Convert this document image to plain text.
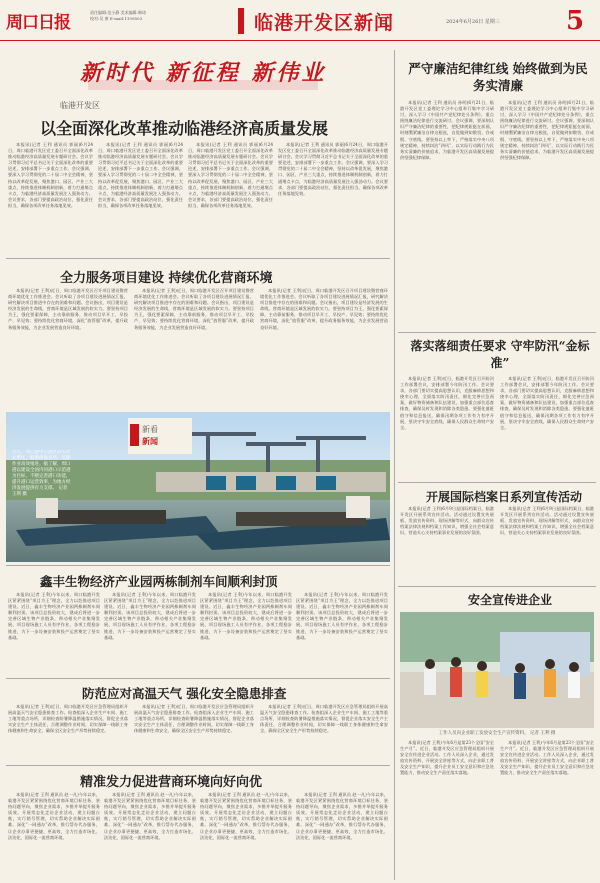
周口日报
责任编辑:范小静 美术编辑:韩琦
校对:吴 康 E-mail:1199503	临港开发区新闻	2024年6月26日 星期三	5
新时代 新征程 新伟业
临港开发区
以全面深化改革推动临港经济高质量发展

本报讯(记者 王利 通讯员 郭丽)6月24日，周口临港开发区党工委召开全面深化改革推动临港经济高质量发展专题研讨会。会议学习贯彻习近平总书记关于全面深化改革的重要论述，安排部署下一步重点工作。会议强调，要深入学习贯彻党的二十届二中全会精神，坚持以改革促发展，聚焦港口、园区、产业三大重点，持续推进体制机制创新，着力打通堵点卡点，为临港经济高质量发展注入强劲动力。会议要求，各部门要提高政治站位，强化责任担当，确保各项改革任务落地见效。

本报讯(记者 王利 通讯员 郭丽)6月24日，周口临港开发区党工委召开全面深化改革推动临港经济高质量发展专题研讨会。会议学习贯彻习近平总书记关于全面深化改革的重要论述，安排部署下一步重点工作。会议强调，要深入学习贯彻党的二十届二中全会精神，坚持以改革促发展，聚焦港口、园区、产业三大重点，持续推进体制机制创新，着力打通堵点卡点，为临港经济高质量发展注入强劲动力。会议要求，各部门要提高政治站位，强化责任担当，确保各项改革任务落地见效。

本报讯(记者 王利 通讯员 郭丽)6月24日，周口临港开发区党工委召开全面深化改革推动临港经济高质量发展专题研讨会。会议学习贯彻习近平总书记关于全面深化改革的重要论述，安排部署下一步重点工作。会议强调，要深入学习贯彻党的二十届二中全会精神，坚持以改革促发展，聚焦港口、园区、产业三大重点，持续推进体制机制创新，着力打通堵点卡点，为临港经济高质量发展注入强劲动力。会议要求，各部门要提高政治站位，强化责任担当，确保各项改革任务落地见效。

本报讯(记者 王利 通讯员 郭丽)6月24日，周口临港开发区党工委召开全面深化改革推动临港经济高质量发展专题研讨会。会议学习贯彻习近平总书记关于全面深化改革的重要论述，安排部署下一步重点工作。会议强调，要深入学习贯彻党的二十届二中全会精神，坚持以改革促发展，聚焦港口、园区、产业三大重点，持续推进体制机制创新，着力打通堵点卡点，为临港经济高质量发展注入强劲动力。会议要求，各部门要提高政治站位，强化责任担当，确保各项改革任务落地见效。

全力服务项目建设 持续优化营商环境

本报讯(记者 王利)近日，周口临港开发区召开项目建设暨营商环境优化工作推进会。会议听取了各项目建设进展情况汇报，研究解决项目推进中存在的困难和问题。会议指出，项目建设是经济发展的生命线，营商环境是区域发展的软实力。要坚持项目为王，强化要素保障，主动靠前服务，推动项目早开工、早投产、早见效；要持续优化营商环境，深化“放管服”改革，提升政务服务效能，为企业发展营造良好环境。

本报讯(记者 王利)近日，周口临港开发区召开项目建设暨营商环境优化工作推进会。会议听取了各项目建设进展情况汇报，研究解决项目推进中存在的困难和问题。会议指出，项目建设是经济发展的生命线，营商环境是区域发展的软实力。要坚持项目为王，强化要素保障，主动靠前服务，推动项目早开工、早投产、早见效；要持续优化营商环境，深化“放管服”改革，提升政务服务效能，为企业发展营造良好环境。

本报讯(记者 王利)近日，周口临港开发区召开项目建设暨营商环境优化工作推进会。会议听取了各项目建设进展情况汇报，研究解决项目推进中存在的困难和问题。会议指出，项目建设是经济发展的生命线，营商环境是区域发展的软实力。要坚持项目为王，强化要素保障，主动靠前服务，推动项目早开工、早投产、早见效；要持续优化营商环境，深化“放管服”改革，提升政务服务效能，为企业发展营造良好环境。

新看
新闻
近日，周口港中心港区码头作业繁忙，船舶停靠有序，装卸作业高效推进。据了解，周口港以建设全国内河港口示范港为目标，不断完善港口功能，提升港口运营效率，为地方经济发展提供有力支撑。 记者 王利 摄
鑫丰生物经济产业园两栋制剂车间顺利封顶

本报讯(记者 王利)今年以来，周口临港开发区紧紧围绕“项目为王”理念，全力以赴推进项目建设。近日，鑫丰生物经济产业园两栋制剂车间顺利封顶。该项目总投资较大，建成后将进一步完善区域生物产业链条，带动相关产业集聚发展。项目现场施工人员有序作业，各项工程稳步推进，为下一步设备安装和投产运营奠定了坚实基础。

本报讯(记者 王利)今年以来，周口临港开发区紧紧围绕“项目为王”理念，全力以赴推进项目建设。近日，鑫丰生物经济产业园两栋制剂车间顺利封顶。该项目总投资较大，建成后将进一步完善区域生物产业链条，带动相关产业集聚发展。项目现场施工人员有序作业，各项工程稳步推进，为下一步设备安装和投产运营奠定了坚实基础。

本报讯(记者 王利)今年以来，周口临港开发区紧紧围绕“项目为王”理念，全力以赴推进项目建设。近日，鑫丰生物经济产业园两栋制剂车间顺利封顶。该项目总投资较大，建成后将进一步完善区域生物产业链条，带动相关产业集聚发展。项目现场施工人员有序作业，各项工程稳步推进，为下一步设备安装和投产运营奠定了坚实基础。

本报讯(记者 王利)今年以来，周口临港开发区紧紧围绕“项目为王”理念，全力以赴推进项目建设。近日，鑫丰生物经济产业园两栋制剂车间顺利封顶。该项目总投资较大，建成后将进一步完善区域生物产业链条，带动相关产业集聚发展。项目现场施工人员有序作业，各项工程稳步推进，为下一步设备安装和投产运营奠定了坚实基础。

防范应对高温天气 强化安全隐患排查

本报讯(记者 王利)近日，周口临港开发区应急管理局组织开展高温天气安全隐患排查工作。检查组深入企业生产车间、施工工地等重点场所，详细检查防暑降温措施落实情况，督促企业落实安全生产主体责任，合理调整作业时间，切实保障一线职工身体健康和生命安全，确保全区安全生产形势持续稳定。

本报讯(记者 王利)近日，周口临港开发区应急管理局组织开展高温天气安全隐患排查工作。检查组深入企业生产车间、施工工地等重点场所，详细检查防暑降温措施落实情况，督促企业落实安全生产主体责任，合理调整作业时间，切实保障一线职工身体健康和生命安全，确保全区安全生产形势持续稳定。

本报讯(记者 王利)近日，周口临港开发区应急管理局组织开展高温天气安全隐患排查工作。检查组深入企业生产车间、施工工地等重点场所，详细检查防暑降温措施落实情况，督促企业落实安全生产主体责任，合理调整作业时间，切实保障一线职工身体健康和生命安全，确保全区安全生产形势持续稳定。

精准发力促进营商环境向好向优

本报讯(记者 王利 通讯员 赵一凡)今年以来，临港开发区紧紧围绕优化营商环境目标任务，坚持问题导向，聚焦企业需求，多措并举提升服务质效。开展常态化走访企业活动，建立问题台账，实行销号管理，切实帮助企业解决实际困难。深化“一网通办”改革，推行帮办代办服务，让企业办事更便捷、更高效，全力打造市场化、法治化、国际化一流营商环境。

本报讯(记者 王利 通讯员 赵一凡)今年以来，临港开发区紧紧围绕优化营商环境目标任务，坚持问题导向，聚焦企业需求，多措并举提升服务质效。开展常态化走访企业活动，建立问题台账，实行销号管理，切实帮助企业解决实际困难。深化“一网通办”改革，推行帮办代办服务，让企业办事更便捷、更高效，全力打造市场化、法治化、国际化一流营商环境。

本报讯(记者 王利 通讯员 赵一凡)今年以来，临港开发区紧紧围绕优化营商环境目标任务，坚持问题导向，聚焦企业需求，多措并举提升服务质效。开展常态化走访企业活动，建立问题台账，实行销号管理，切实帮助企业解决实际困难。深化“一网通办”改革，推行帮办代办服务，让企业办事更便捷、更高效，全力打造市场化、法治化、国际化一流营商环境。

本报讯(记者 王利 通讯员 赵一凡)今年以来，临港开发区紧紧围绕优化营商环境目标任务，坚持问题导向，聚焦企业需求，多措并举提升服务质效。开展常态化走访企业活动，建立问题台账，实行销号管理，切实帮助企业解决实际困难。深化“一网通办”改革，推行帮办代办服务，让企业办事更便捷、更高效，全力打造市场化、法治化、国际化一流营商环境。

严守廉洁纪律红线 始终做到为民务实清廉

本报讯(记者 王利 通讯员 孙明)6月21日，临港开发区党工委理论学习中心组举行集中学习研讨，深入学习《中国共产党纪律处分条例》，重点围绕廉洁纪律进行交流研讨。会议强调，要深刻认识严守廉洁纪律的重要性，把纪律规矩挺在前面，时刻绷紧廉洁自律这根弦，自觉做到知敬畏、存戒惧、守底线。要坚持以上率下，严格落实中央八项规定精神，持续纠治“四风”，以实际行动践行为民务实清廉的价值追求，为临港开发区高质量发展提供坚强纪律保障。

本报讯(记者 王利 通讯员 孙明)6月21日，临港开发区党工委理论学习中心组举行集中学习研讨，深入学习《中国共产党纪律处分条例》，重点围绕廉洁纪律进行交流研讨。会议强调，要深刻认识严守廉洁纪律的重要性，把纪律规矩挺在前面，时刻绷紧廉洁自律这根弦，自觉做到知敬畏、存戒惧、守底线。要坚持以上率下，严格落实中央八项规定精神，持续纠治“四风”，以实际行动践行为民务实清廉的价值追求，为临港开发区高质量发展提供坚强纪律保障。

落实落细责任要求 守牢防汛“金标准”

本报讯(记者 王利)近日，临港开发区召开防汛工作部署会议，安排部署今年防汛工作。会议要求，各部门要切实提高思想认识，克服麻痹思想和侥幸心理，全面落实防汛责任，细化完善应急预案，做好物资储备和队伍建设，加强重点部位巡查排查，确保及时发现和消除各类隐患。要强化值班值守和信息报送，确保汛期各项工作有力有序开展，坚决守牢安全底线，确保人民群众生命财产安全。

本报讯(记者 王利)近日，临港开发区召开防汛工作部署会议，安排部署今年防汛工作。会议要求，各部门要切实提高思想认识，克服麻痹思想和侥幸心理，全面落实防汛责任，细化完善应急预案，做好物资储备和队伍建设，加强重点部位巡查排查，确保及时发现和消除各类隐患。要强化值班值守和信息报送，确保汛期各项工作有力有序开展，坚决守牢安全底线，确保人民群众生命财产安全。

开展国际档案日系列宣传活动

本报讯(记者 王利)6月9日是国际档案日，临港开发区开展系列宣传活动。活动通过设置宣传展板、发放宣传资料、现场讲解等形式，向群众宣传档案法律法规和档案工作知识，增强全社会档案意识，营造关心支持档案事业发展的良好氛围。

本报讯(记者 王利)6月9日是国际档案日，临港开发区开展系列宣传活动。活动通过设置宣传展板、发放宣传资料、现场讲解等形式，向群众宣传档案法律法规和档案工作知识，增强全社会档案意识，营造关心支持档案事业发展的良好氛围。

安全宣传进企业
工作人员向企业职工发放安全生产宣传资料。 记者 王利 摄

本报讯(记者 王利)今年6月是第23个全国“安全生产月”。近日，临港开发区应急管理局组织开展安全宣传进企业活动。工作人员深入企业，通过发放宣传资料、开展安全讲座等方式，向企业职工普及安全生产知识，提升企业员工安全意识和应急处置能力，推动安全生产责任落实落地。

本报讯(记者 王利)今年6月是第23个全国“安全生产月”。近日，临港开发区应急管理局组织开展安全宣传进企业活动。工作人员深入企业，通过发放宣传资料、开展安全讲座等方式，向企业职工普及安全生产知识，提升企业员工安全意识和应急处置能力，推动安全生产责任落实落地。
